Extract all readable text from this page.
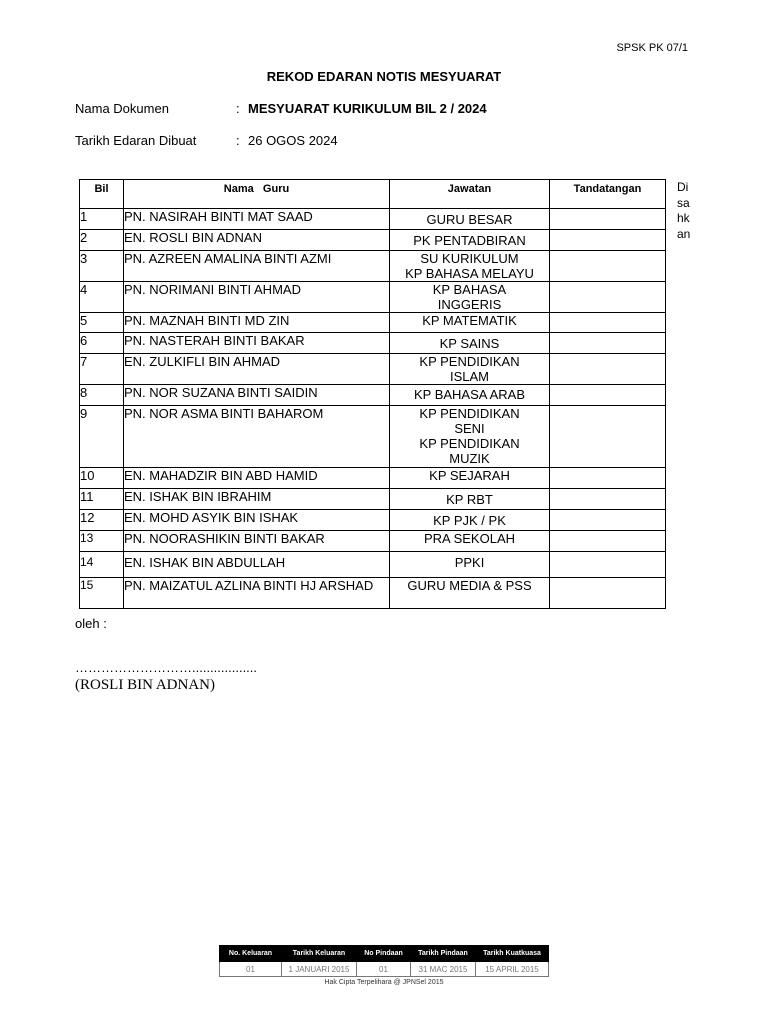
SPSK PK 07/1
REKOD EDARAN NOTIS MESYUARAT
Nama Dokumen	: MESYUARAT KURIKULUM BIL 2 / 2024
Tarikh Edaran Dibuat	: 26 OGOS 2024
Bil	Nama   Guru	Jawatan	Tandatangan
1	PN. NASIRAH BINTI MAT SAAD	GURU BESAR	

2	EN. ROSLI BIN ADNAN	PK PENTADBIRAN	

3	PN. AZREEN AMALINA BINTI AZMI	SU KURIKULUM
KP BAHASA MELAYU	

4	PN. NORIMANI BINTI AHMAD	KP BAHASA
INGGERIS	

5	PN. MAZNAH BINTI MD ZIN	KP MATEMATIK	

6	PN. NASTERAH BINTI BAKAR	KP SAINS	

7	EN. ZULKIFLI BIN AHMAD	KP PENDIDIKAN
ISLAM	

8	PN. NOR SUZANA BINTI SAIDIN	KP BAHASA ARAB	

9	PN. NOR ASMA BINTI BAHAROM	KP PENDIDIKAN
SENI
KP PENDIDIKAN
MUZIK	

10	EN. MAHADZIR BIN ABD HAMID	KP SEJARAH	

11	EN. ISHAK BIN IBRAHIM	KP RBT	

12	EN. MOHD ASYIK BIN ISHAK	KP PJK / PK	

13	PN. NOORASHIKIN BINTI BAKAR	PRA SEKOLAH	

14	EN. ISHAK BIN ABDULLAH	PPKI	

15	PN. MAIZATUL AZLINA BINTI HJ ARSHAD	GURU MEDIA & PSS	

Di
sa
hk
an
oleh :
………………………..................
(ROSLI BIN ADNAN)
No. Keluaran	Tarikh Keluaran	No Pindaan	Tarikh Pindaan	Tarikh Kuatkuasa
01	1 JANUARI 2015	01	31 MAC 2015	15 APRIL 2015
Hak Cipta Terpelihara @ JPNSel 2015
